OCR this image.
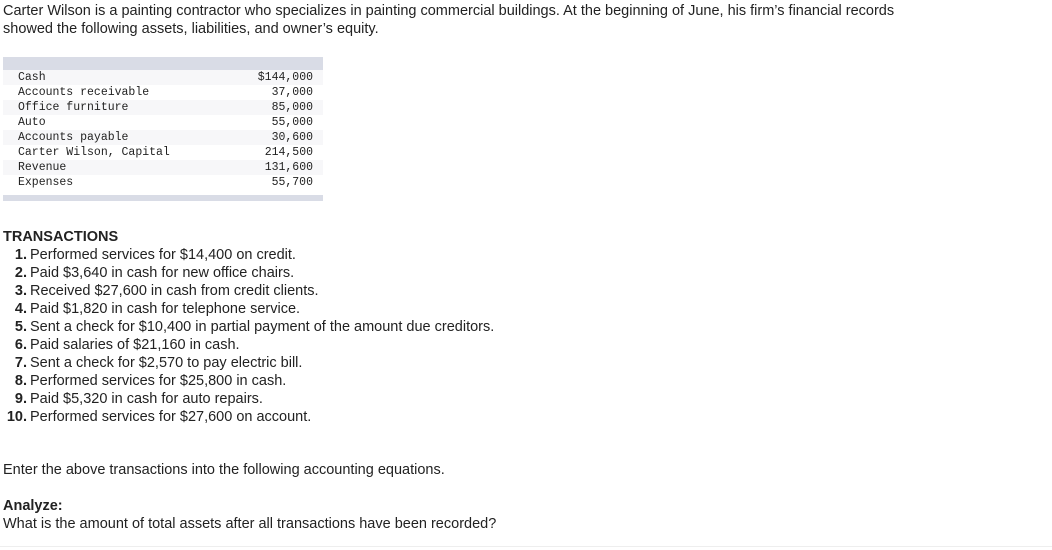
Carter Wilson is a painting contractor who specializes in painting commercial buildings. At the beginning of June, his firm’s financial records showed the following assets, liabilities, and owner’s equity.
Cash	$144,000
Accounts receivable	37,000
Office furniture	85,000
Auto	55,000
Accounts payable	30,600
Carter Wilson, Capital	214,500
Revenue	131,600
Expenses	55,700
TRANSACTIONS
1. Performed services for $14,400 on credit.
2. Paid $3,640 in cash for new office chairs.
3. Received $27,600 in cash from credit clients.
4. Paid $1,820 in cash for telephone service.
5. Sent a check for $10,400 in partial payment of the amount due creditors.
6. Paid salaries of $21,160 in cash.
7. Sent a check for $2,570 to pay electric bill.
8. Performed services for $25,800 in cash.
9. Paid $5,320 in cash for auto repairs.
10. Performed services for $27,600 on account.
Enter the above transactions into the following accounting equations.
Analyze:
What is the amount of total assets after all transactions have been recorded?
